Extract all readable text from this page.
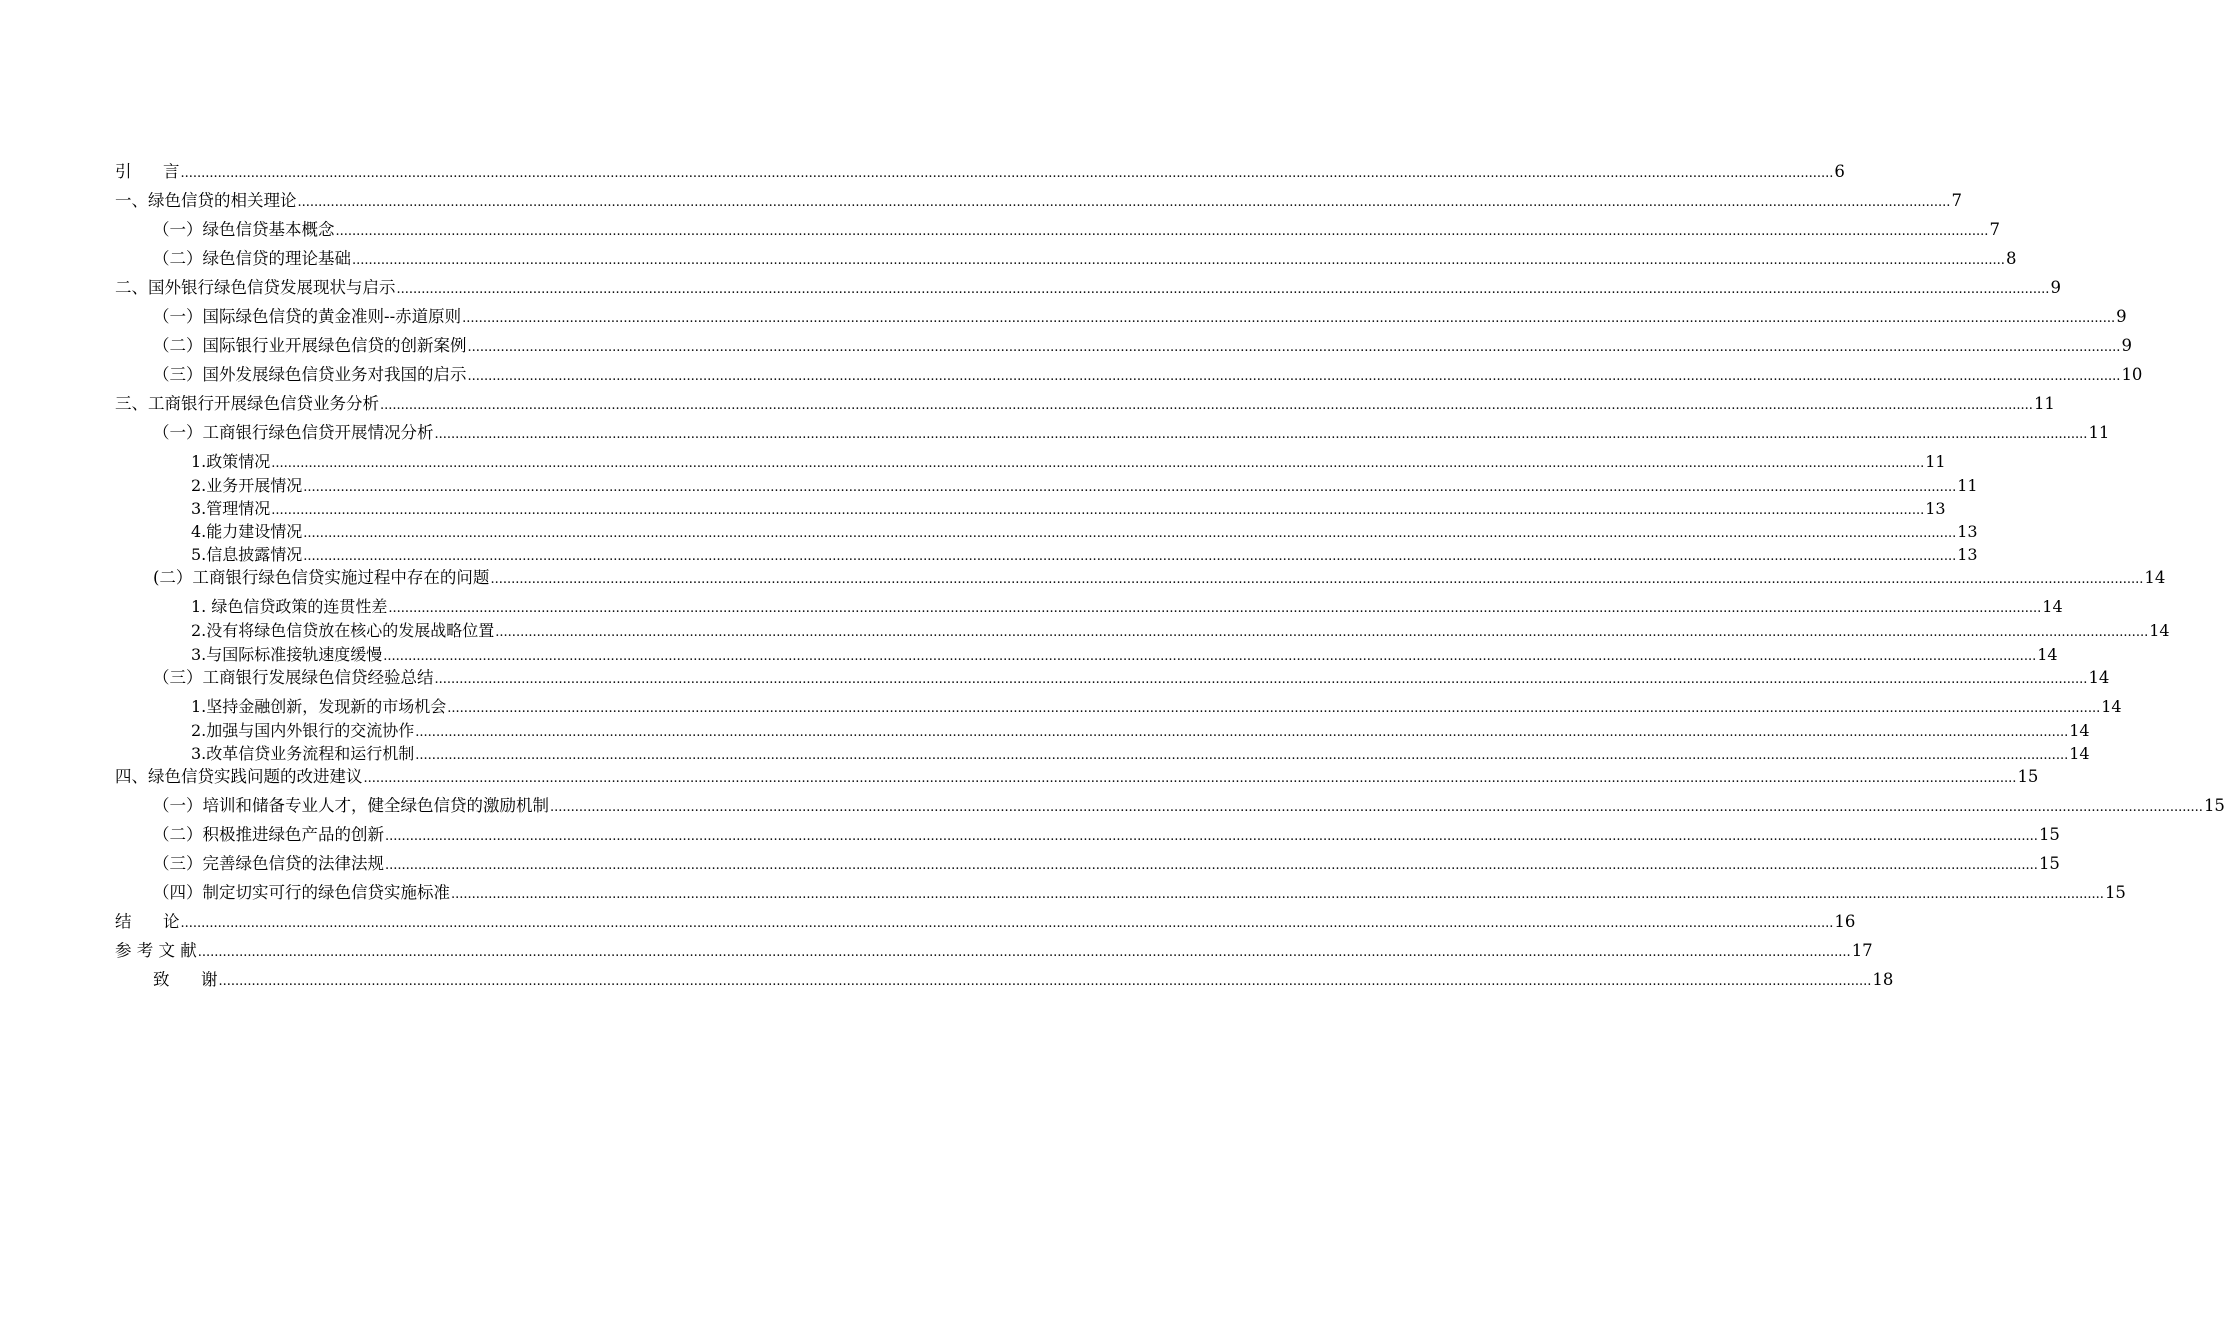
引      言 ................................................................................................................................................................................................................................................................................................................................................................................................................ 6
一、绿色信贷的相关理论 ................................................................................................................................................................................................................................................................................................................................................................................................................ 7
（一）绿色信贷基本概念 ................................................................................................................................................................................................................................................................................................................................................................................................................ 7
（二）绿色信贷的理论基础 ................................................................................................................................................................................................................................................................................................................................................................................................................ 8
二、国外银行绿色信贷发展现状与启示 ................................................................................................................................................................................................................................................................................................................................................................................................................ 9
（一）国际绿色信贷的黄金准则--赤道原则 ................................................................................................................................................................................................................................................................................................................................................................................................................ 9
（二）国际银行业开展绿色信贷的创新案例 ................................................................................................................................................................................................................................................................................................................................................................................................................ 9
（三）国外发展绿色信贷业务对我国的启示 ................................................................................................................................................................................................................................................................................................................................................................................................................ 10
三、工商银行开展绿色信贷业务分析 ................................................................................................................................................................................................................................................................................................................................................................................................................ 11
（一）工商银行绿色信贷开展情况分析 ................................................................................................................................................................................................................................................................................................................................................................................................................ 11
1.政策情况 ................................................................................................................................................................................................................................................................................................................................................................................................................ 11
2.业务开展情况 ................................................................................................................................................................................................................................................................................................................................................................................................................ 11
3.管理情况 ................................................................................................................................................................................................................................................................................................................................................................................................................ 13
4.能力建设情况 ................................................................................................................................................................................................................................................................................................................................................................................................................ 13
5.信息披露情况 ................................................................................................................................................................................................................................................................................................................................................................................................................ 13
(二）工商银行绿色信贷实施过程中存在的问题 ................................................................................................................................................................................................................................................................................................................................................................................................................ 14
1. 绿色信贷政策的连贯性差 ................................................................................................................................................................................................................................................................................................................................................................................................................ 14
2.没有将绿色信贷放在核心的发展战略位置 ................................................................................................................................................................................................................................................................................................................................................................................................................ 14
3.与国际标准接轨速度缓慢 ................................................................................................................................................................................................................................................................................................................................................................................................................ 14
（三）工商银行发展绿色信贷经验总结 ................................................................................................................................................................................................................................................................................................................................................................................................................ 14
1.坚持金融创新，发现新的市场机会 ................................................................................................................................................................................................................................................................................................................................................................................................................ 14
2.加强与国内外银行的交流协作 ................................................................................................................................................................................................................................................................................................................................................................................................................ 14
3.改革信贷业务流程和运行机制 ................................................................................................................................................................................................................................................................................................................................................................................................................ 14
四、绿色信贷实践问题的改进建议 ................................................................................................................................................................................................................................................................................................................................................................................................................ 15
（一）培训和储备专业人才，健全绿色信贷的激励机制 ................................................................................................................................................................................................................................................................................................................................................................................................................ 15
（二）积极推进绿色产品的创新 ................................................................................................................................................................................................................................................................................................................................................................................................................ 15
（三）完善绿色信贷的法律法规 ................................................................................................................................................................................................................................................................................................................................................................................................................ 15
（四）制定切实可行的绿色信贷实施标准 ................................................................................................................................................................................................................................................................................................................................................................................................................ 15
结      论 ................................................................................................................................................................................................................................................................................................................................................................................................................ 16
参 考 文 献 ................................................................................................................................................................................................................................................................................................................................................................................................................ 17
致      谢 ................................................................................................................................................................................................................................................................................................................................................................................................................ 18
